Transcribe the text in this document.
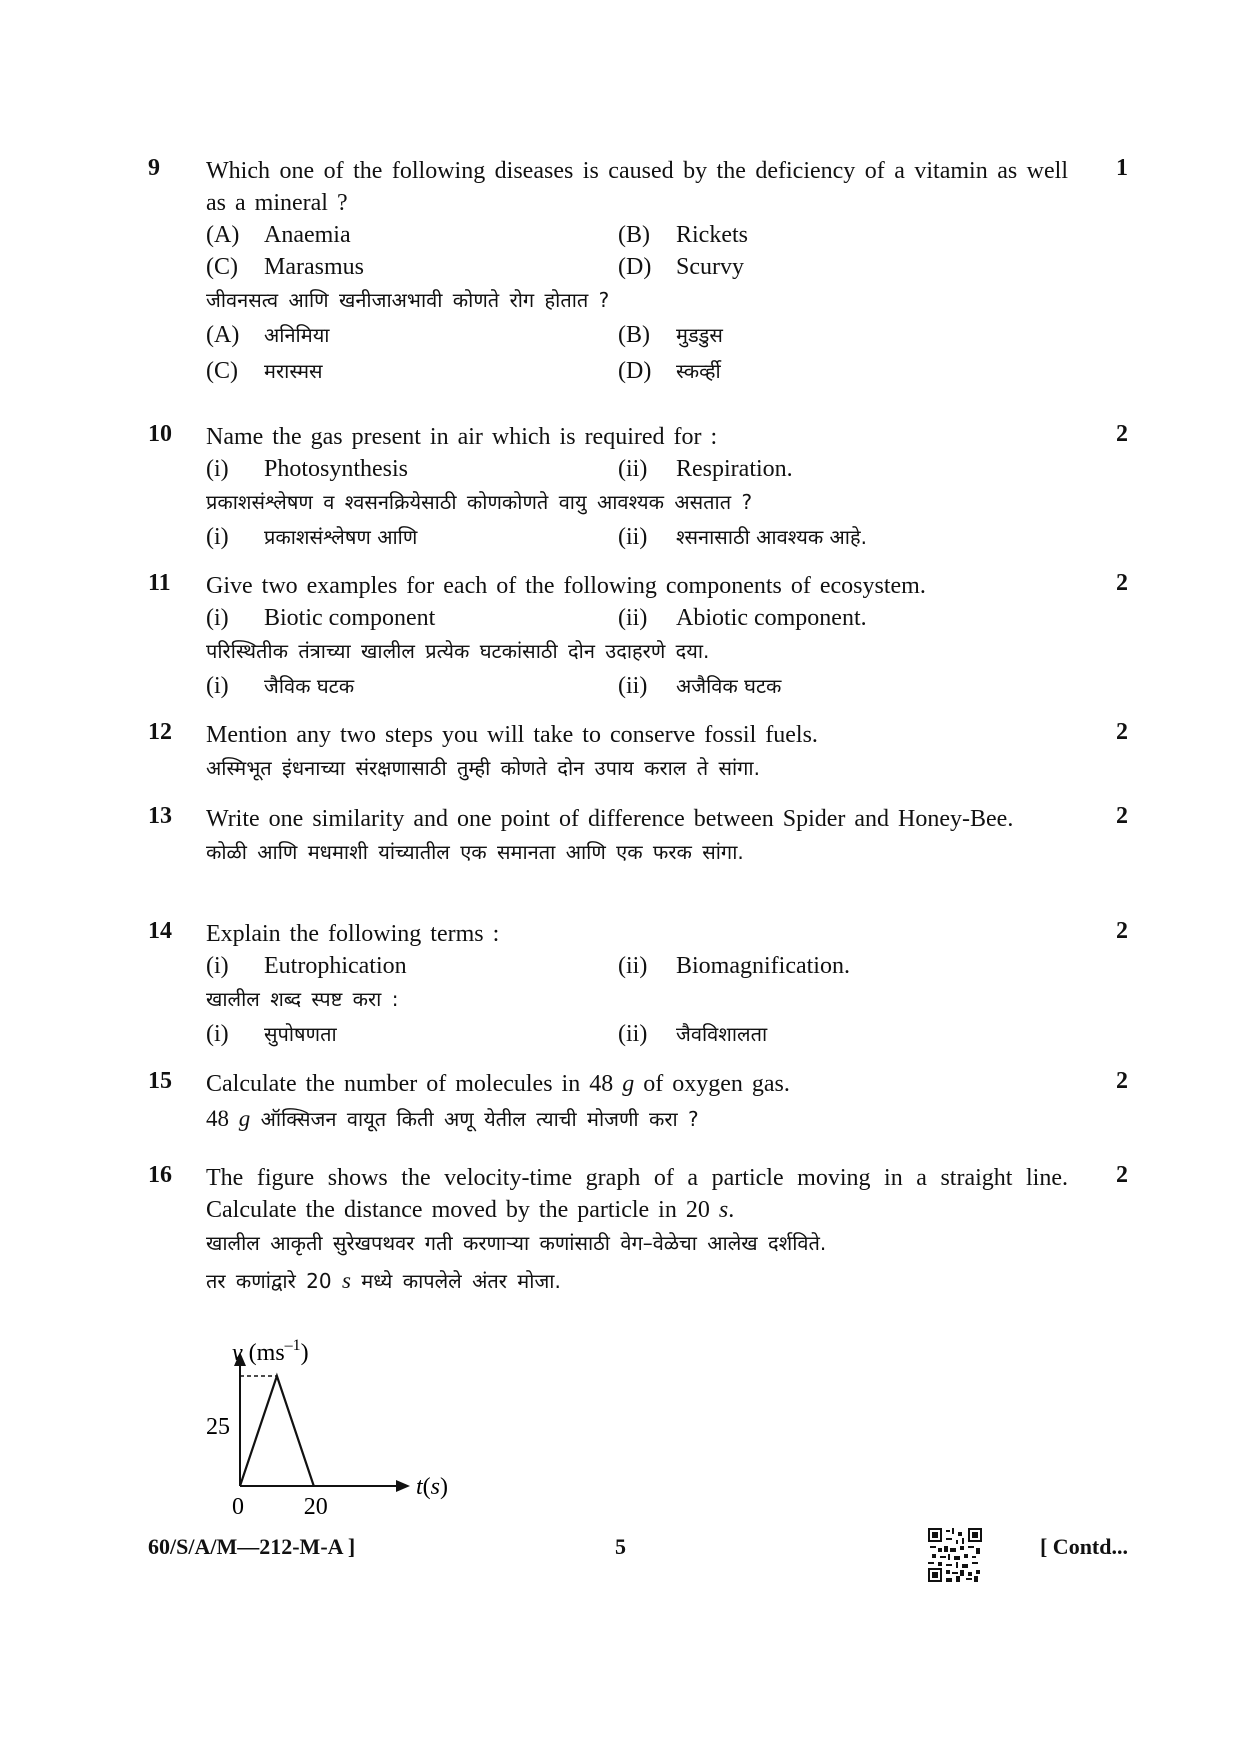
9	1
Which one of the following diseases is caused by the deficiency of a vitamin as well as a mineral ?
(A)	Anaemia	(B)	Rickets
(C)	Marasmus	(D)	Scurvy
जीवनसत्व आणि खनीजाअभावी कोणते रोग होतात ?
(A)	अनिमिया	(B)	मुडडुस
(C)	मरास्मस	(D)	स्कर्व्ही
10	2
Name the gas present in air which is required for :
(i)	Photosynthesis	(ii)	Respiration.
प्रकाशसंश्लेषण व श्वसनक्रियेसाठी कोणकोणते वायु आवश्यक असतात ?
(i)	प्रकाशसंश्लेषण आणि	(ii)	श्सनासाठी आवश्यक आहे.
11	2
Give two examples for each of the following components of ecosystem.
(i)	Biotic component	(ii)	Abiotic component.
परिस्थितीक तंत्राच्या खालील प्रत्येक घटकांसाठी दोन उदाहरणे दया.
(i)	जैविक घटक	(ii)	अजैविक घटक
12	2
Mention any two steps you will take to conserve fossil fuels.
अस्मिभूत इंधनाच्या संरक्षणासाठी तुम्ही कोणते दोन उपाय कराल ते सांगा.
13	2
Write one similarity and one point of difference between Spider and Honey-Bee.
कोळी आणि मधमाशी यांच्यातील एक समानता आणि एक फरक सांगा.
14	2
Explain the following terms :
(i)	Eutrophication	(ii)	Biomagnification.
खालील शब्द स्पष्ट करा :
(i)	सुपोषणता	(ii)	जैवविशालता
15	2
Calculate the number of molecules in 48 g of oxygen gas.
48 g ऑक्सिजन वायूत किती अणू येतील त्याची मोजणी करा ?
16	2
The figure shows the velocity-time graph of a particle moving in a straight line. Calculate the distance moved by the particle in 20 s.
खालील आकृती सुरेखपथवर गती करणाऱ्या कणांसाठी वेग–वेळेचा आलेख दर्शविते.
तर कणांद्वारे 20 s मध्ये कापलेले अंतर मोजा.
v $(ms^{-1})$
25
0 20
t(s)
60/S/A/M—212-M-A ]	5	[ Contd...
